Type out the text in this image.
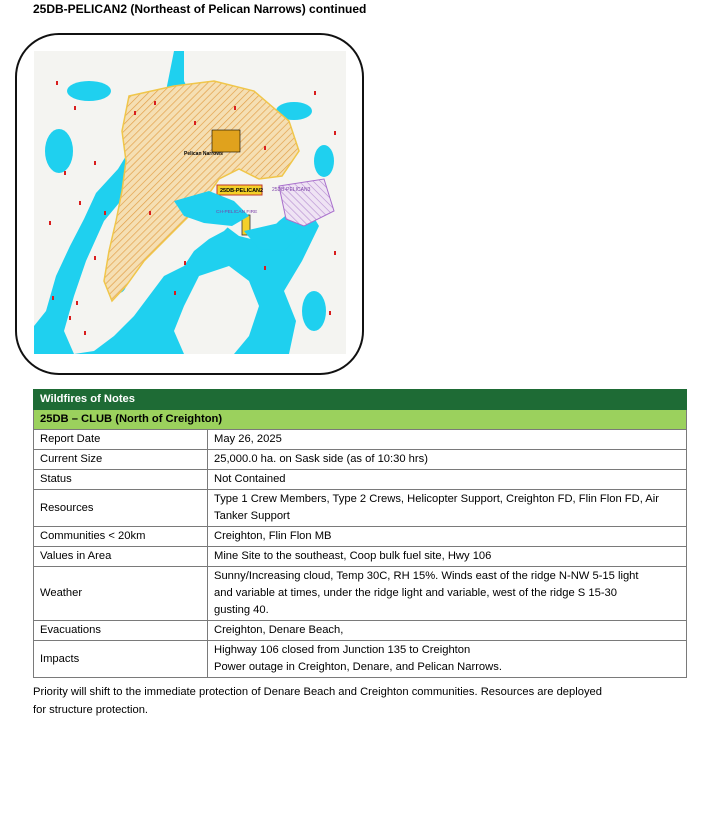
25DB-PELICAN2 (Northeast of Pelican Narrows) continued
25DB-PELICAN2 25DB-PELICAN3
CH-PELICAN FIRE
Pelican Narrows
Wildfires of Notes	
25DB – CLUB (North of Creighton)	
Report Date	May 26, 2025

Current Size	25,000.0 ha. on Sask side (as of 10:30 hrs)

Status	Not Contained

Resources	Type 1 Crew Members, Type 2 Crews, Helicopter Support, Creighton FD, Flin Flon FD, Air
Tanker Support

Communities < 20km	Creighton, Flin Flon MB

Values in Area	Mine Site to the southeast, Coop bulk fuel site, Hwy 106

Weather	Sunny/Increasing cloud, Temp 30C, RH 15%. Winds east of the ridge N-NW 5-15 light
and variable at times, under the ridge light and variable, west of the ridge S 15-30
gusting 40.

Evacuations	Creighton, Denare Beach,

Impacts	Highway 106 closed from Junction 135 to Creighton
Power outage in Creighton, Denare, and Pelican Narrows.
Priority will shift to the immediate protection of Denare Beach and Creighton communities. Resources are deployed
for structure protection.
